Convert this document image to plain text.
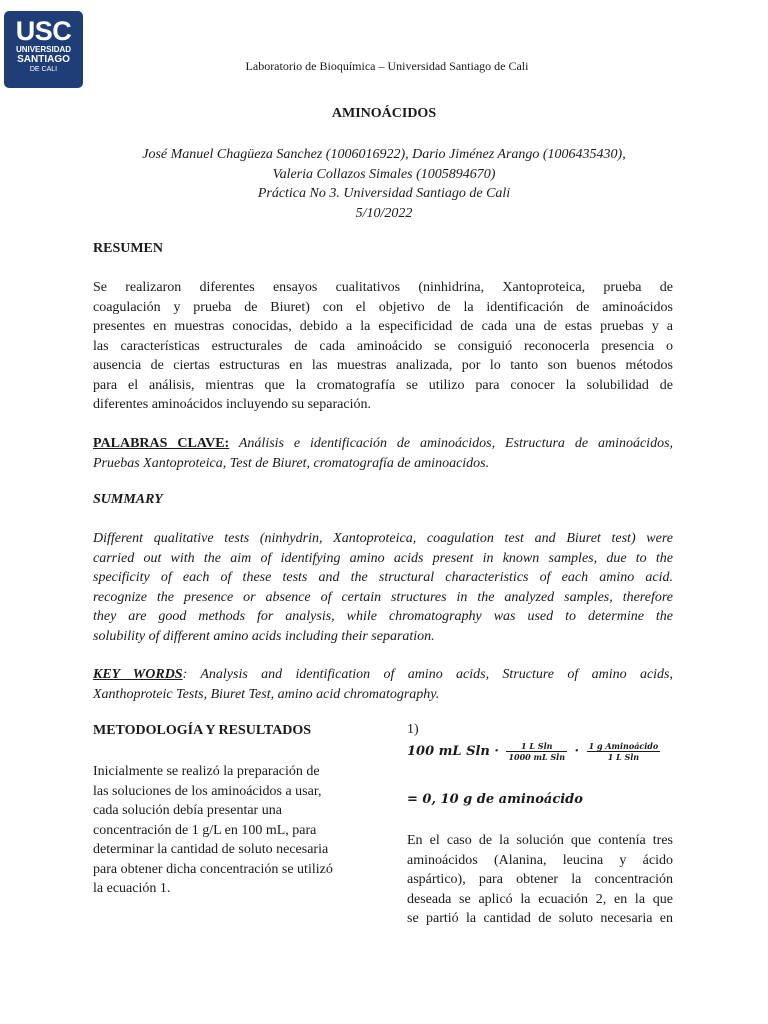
USC
UNIVERSIDAD
SANTIAGO
DE CALI	Laboratorio de Bioquímica – Universidad Santiago de Cali
AMINOÁCIDOS
José Manuel Chagüeza Sanchez (1006016922), Dario Jiménez Arango (1006435430),
Valeria Collazos Simales (1005894670)
Práctica No 3. Universidad Santiago de Cali
5/10/2022
RESUMEN
Se realizaron diferentes ensayos cualitativos (ninhidrina, Xantoproteica, prueba de
coagulación y prueba de Biuret) con el objetivo de la identificación de aminoácidos
presentes en muestras conocidas, debido a la especificidad de cada una de estas pruebas y a
las características estructurales de cada aminoácido se consiguió reconocerla presencia o
ausencia de ciertas estructuras en las muestras analizada, por lo tanto son buenos métodos
para el análisis, mientras que la cromatografía se utilizo para conocer la solubilidad de
diferentes aminoácidos incluyendo su separación.
PALABRAS CLAVE: Análisis e identificación de aminoácidos, Estructura de aminoácidos,
Pruebas Xantoproteica, Test de Biuret, cromatografía de aminoacidos.
SUMMARY
Different qualitative tests (ninhydrin, Xantoproteica, coagulation test and Biuret test) were
carried out with the aim of identifying amino acids present in known samples, due to the
specificity of each of these tests and the structural characteristics of each amino acid.
recognize the presence or absence of certain structures in the analyzed samples, therefore
they are good methods for analysis, while chromatography was used to determine the
solubility of different amino acids including their separation.
KEY WORDS: Analysis and identification of amino acids, Structure of amino acids,
Xanthoproteic Tests, Biuret Test, amino acid chromatography.
METODOLOGÍA Y RESULTADOS
Inicialmente se realizó la preparación de
las soluciones de los aminoácidos a usar,
cada solución debía presentar una
concentración de 1 g/L en 100 mL, para
determinar la cantidad de soluto necesaria
para obtener dicha concentración se utilizó
la ecuación 1.
1)
100 mL $Sln \cdot \frac{\text{1 L Sln}}{\text{1000 mL Sln}} \cdot \frac{\text{1 g Aminoácido}}{\text{1 L Sln}}$
= 0, 10 g de aminoácido
En el caso de la solución que contenía tres
aminoácidos (Alanina, leucina y ácido
aspártico), para obtener la concentración
deseada se aplicó la ecuación 2, en la que
se partió la cantidad de soluto necesaria en
